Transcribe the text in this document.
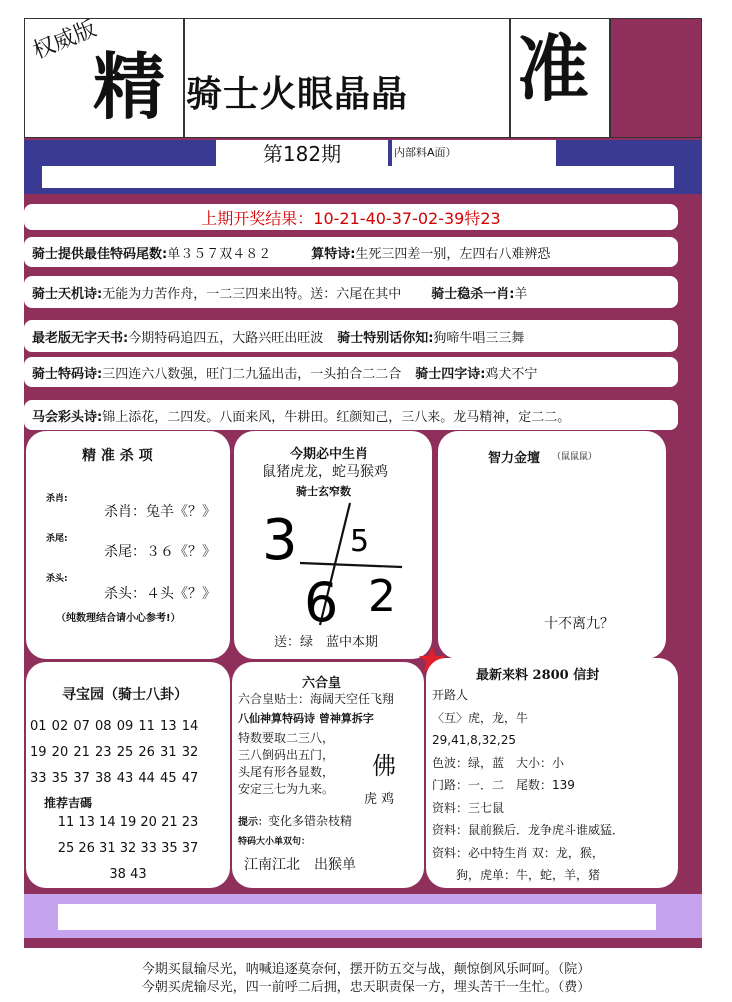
权威版
精 骑士火眼晶晶 准
第182期	内部料A面）
上期开奖结果：10-21-40-37-02-39特23
骑士提供最佳特码尾数: 单３５７双４８２	算特诗: 生死三四差一别，左四右八难辨恐
骑士天机诗: 无能为力苦作舟，一二三四来出特。送：六尾在其中 骑士稳杀一肖: 羊
最老版无字天书: 今期特码追四五，大路兴旺出旺波 骑士特别话你知: 狗啼牛唱三三舞
骑士特码诗: 三四连六八数强，旺门二九猛出击，一头拍合二二合 骑士四字诗: 鸡犬不宁
马会彩头诗: 锦上添花，二四发。八面来风，牛耕田。红颜知己，三八来。龙马精神，定二二。
精 准 杀 项
杀肖:
杀肖：兔羊《？》
杀尾:
杀尾：３６《？》
杀头:
杀头：４头《？》
（纯数理结合请小心参考!）
今期必中生肖
鼠猪虎龙，蛇马猴鸡
骑士玄窄数
3 5
6 2
送：绿　蓝中本期
智力金壇 （鼠鼠鼠）
十不离九？
寻宝园（骑士八卦）
01 02 07 08 09 11 13 14
19 20 21 23 25 26 31 32
33 35 37 38 43 44 45 47
推荐吉碼
11 13 14 19 20 21 23
25 26 31 32 33 35 37
38 43
六合皇
六合皇贴士：海阔天空任飞翔
八仙神算特码诗 曾神算拆字
特数要取二三八，
三八倒码出五门，
头尾有形各显数，
安定三七为九来。
佛
虎 鸡
提示：变化多错杂枝精
特码大小单双句：
江南江北　出猴单
最新来料 2800 信封
开路人
〈互〉虎，龙，牛
29,41,8,32,25
色波：绿，蓝　大小：小
门路：一．二　尾数：139
资料：三七鼠
资料：鼠前猴后．龙争虎斗谁威猛．
资料：必中特生肖 双：龙，猴，
狗，虎单：牛，蛇，羊，猪
今期买鼠输尽光，呐喊追逐莫奈何，摆开防五交与战，颠惊倒风乐呵呵。（院）
今朝买虎输尽光，四一前呼二后拥，忠天职责保一方，埋头苦干一生忙。（费）
